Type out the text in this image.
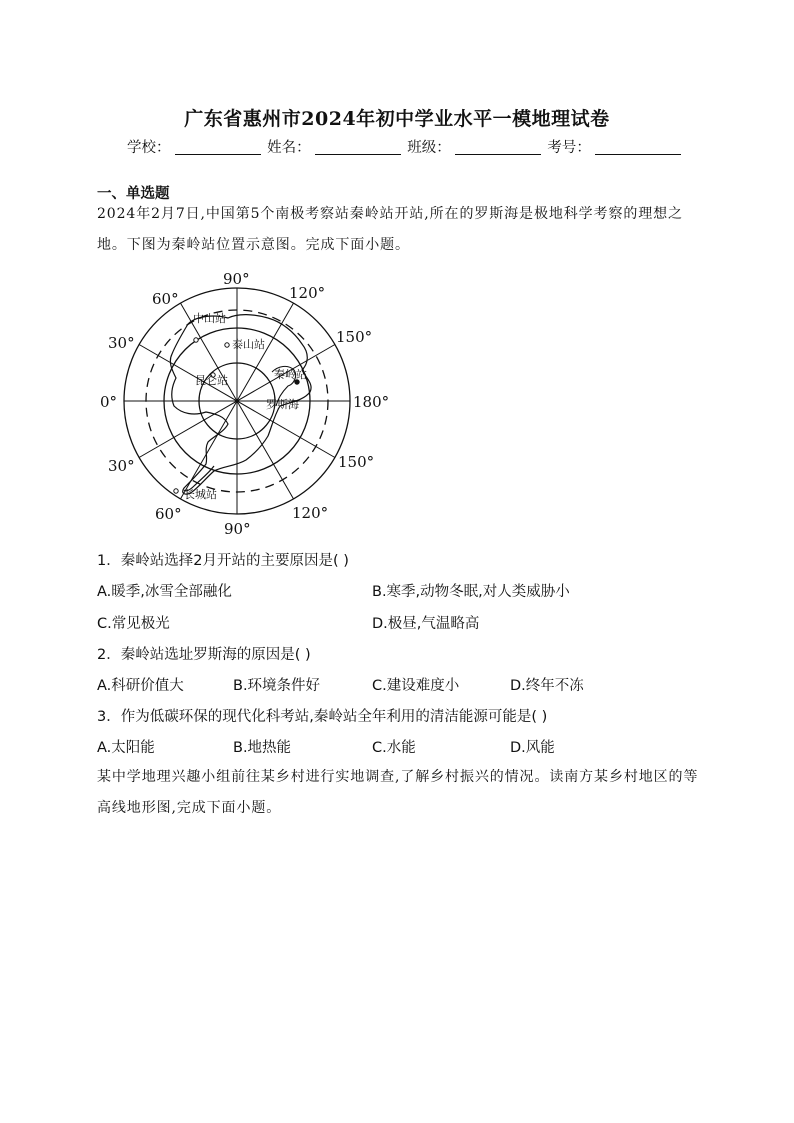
广东省惠州市2024年初中学业水平一模地理试卷
学校：	姓名：	班级：	考号：
一、单选题
2024年2月7日,中国第5个南极考察站秦岭站开站,所在的罗斯海是极地科学考察的理想之地。下图为秦岭站位置示意图。完成下面小题。
90°
60°	120°
30°	150°
0°	180°
30°	150°
60°
90°
120°
中山站
泰山站
昆仑站	秦岭站
罗斯海
长城站
1．秦岭站选择2月开站的主要原因是( )
A.暖季,冰雪全部融化	B.寒季,动物冬眠,对人类威胁小
C.常见极光	D.极昼,气温略高
2．秦岭站选址罗斯海的原因是( )
A.科研价值大	B.环境条件好	C.建设难度小	D.终年不冻
3．作为低碳环保的现代化科考站,秦岭站全年利用的清洁能源可能是( )
A.太阳能	B.地热能	C.水能	D.风能
某中学地理兴趣小组前往某乡村进行实地调查,了解乡村振兴的情况。读南方某乡村地区的等高线地形图,完成下面小题。
